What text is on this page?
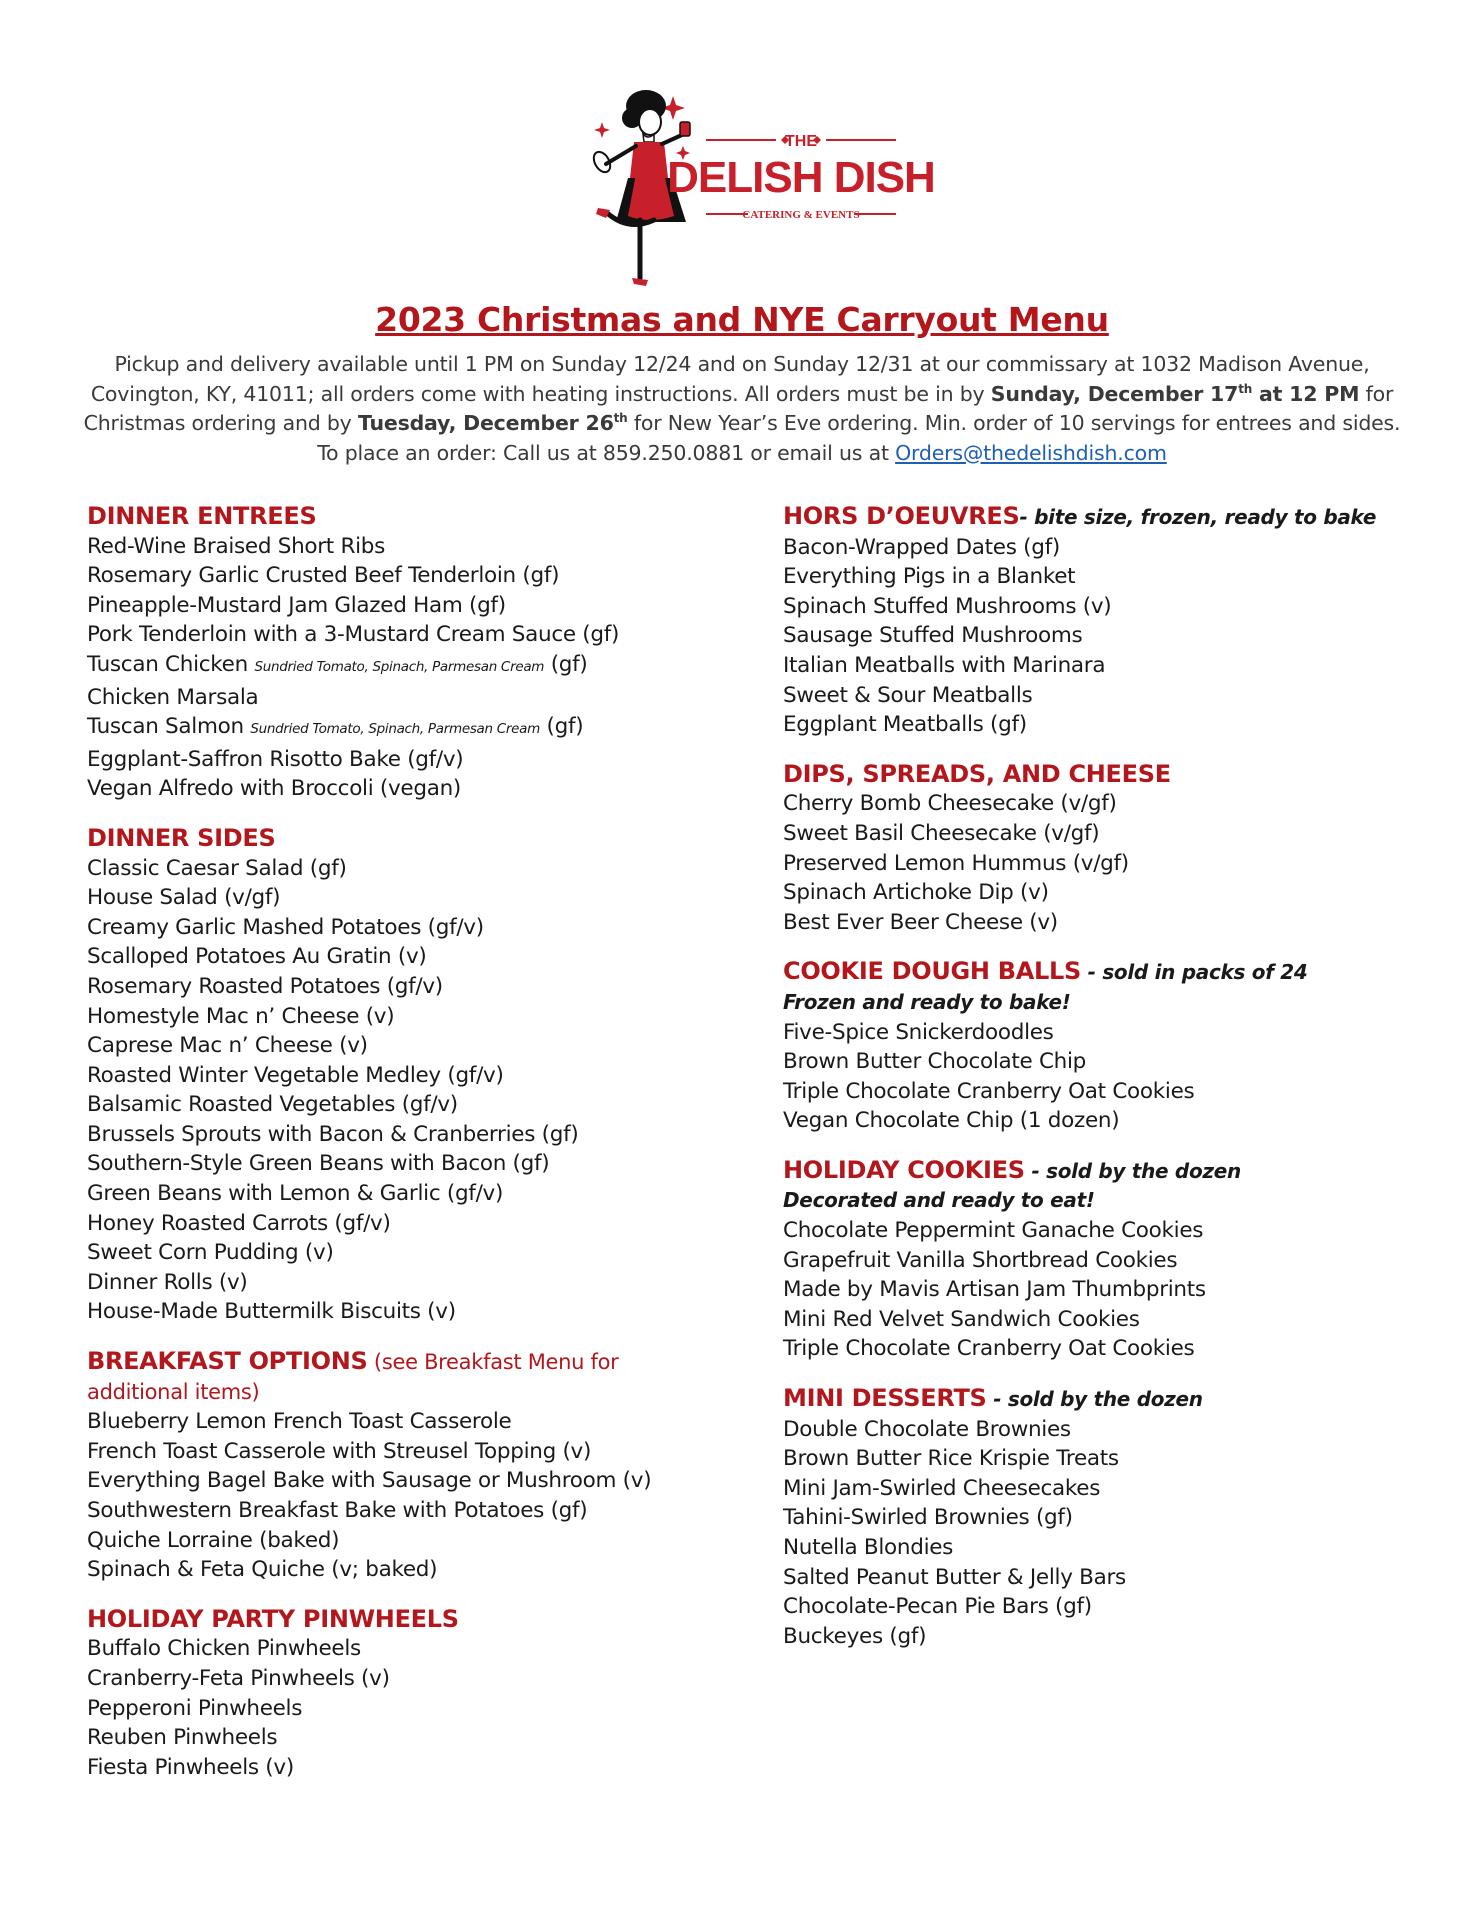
THE
DELISH DISH
CATERING & EVENTS
2023 Christmas and NYE Carryout Menu
Pickup and delivery available until 1 PM on Sunday 12/24 and on Sunday 12/31 at our commissary at 1032 Madison Avenue, Covington, KY, 41011; all orders come with heating instructions. All orders must be in by Sunday, December 17th at 12 PM for Christmas ordering and by Tuesday, December 26th for New Year’s Eve ordering. Min. order of 10 servings for entrees and sides.
To place an order: Call us at 859.250.0881 or email us at Orders@thedelishdish.com
DINNER ENTREES
Red-Wine Braised Short Ribs
Rosemary Garlic Crusted Beef Tenderloin (gf)
Pineapple-Mustard Jam Glazed Ham (gf)
Pork Tenderloin with a 3-Mustard Cream Sauce (gf)
Tuscan Chicken Sundried Tomato, Spinach, Parmesan Cream (gf)
Chicken Marsala
Tuscan Salmon Sundried Tomato, Spinach, Parmesan Cream (gf)
Eggplant-Saffron Risotto Bake (gf/v)
Vegan Alfredo with Broccoli (vegan)
DINNER SIDES
Classic Caesar Salad (gf)
House Salad (v/gf)
Creamy Garlic Mashed Potatoes (gf/v)
Scalloped Potatoes Au Gratin (v)
Rosemary Roasted Potatoes (gf/v)
Homestyle Mac n’ Cheese (v)
Caprese Mac n’ Cheese (v)
Roasted Winter Vegetable Medley (gf/v)
Balsamic Roasted Vegetables (gf/v)
Brussels Sprouts with Bacon & Cranberries (gf)
Southern-Style Green Beans with Bacon (gf)
Green Beans with Lemon & Garlic (gf/v)
Honey Roasted Carrots (gf/v)
Sweet Corn Pudding (v)
Dinner Rolls (v)
House-Made Buttermilk Biscuits (v)
BREAKFAST OPTIONS (see Breakfast Menu for additional items)
Blueberry Lemon French Toast Casserole
French Toast Casserole with Streusel Topping (v)
Everything Bagel Bake with Sausage or Mushroom (v)
Southwestern Breakfast Bake with Potatoes (gf)
Quiche Lorraine (baked)
Spinach & Feta Quiche (v; baked)
HOLIDAY PARTY PINWHEELS
Buffalo Chicken Pinwheels
Cranberry-Feta Pinwheels (v)
Pepperoni Pinwheels
Reuben Pinwheels
Fiesta Pinwheels (v)
HORS D’OEUVRES- bite size, frozen, ready to bake
Bacon-Wrapped Dates (gf)
Everything Pigs in a Blanket
Spinach Stuffed Mushrooms (v)
Sausage Stuffed Mushrooms
Italian Meatballs with Marinara
Sweet & Sour Meatballs
Eggplant Meatballs (gf)
DIPS, SPREADS, AND CHEESE
Cherry Bomb Cheesecake (v/gf)
Sweet Basil Cheesecake (v/gf)
Preserved Lemon Hummus (v/gf)
Spinach Artichoke Dip (v)
Best Ever Beer Cheese (v)
COOKIE DOUGH BALLS - sold in packs of 24
Frozen and ready to bake!
Five-Spice Snickerdoodles
Brown Butter Chocolate Chip
Triple Chocolate Cranberry Oat Cookies
Vegan Chocolate Chip (1 dozen)
HOLIDAY COOKIES - sold by the dozen
Decorated and ready to eat!
Chocolate Peppermint Ganache Cookies
Grapefruit Vanilla Shortbread Cookies
Made by Mavis Artisan Jam Thumbprints
Mini Red Velvet Sandwich Cookies
Triple Chocolate Cranberry Oat Cookies
MINI DESSERTS - sold by the dozen
Double Chocolate Brownies
Brown Butter Rice Krispie Treats
Mini Jam-Swirled Cheesecakes
Tahini-Swirled Brownies (gf)
Nutella Blondies
Salted Peanut Butter & Jelly Bars
Chocolate-Pecan Pie Bars (gf)
Buckeyes (gf)
